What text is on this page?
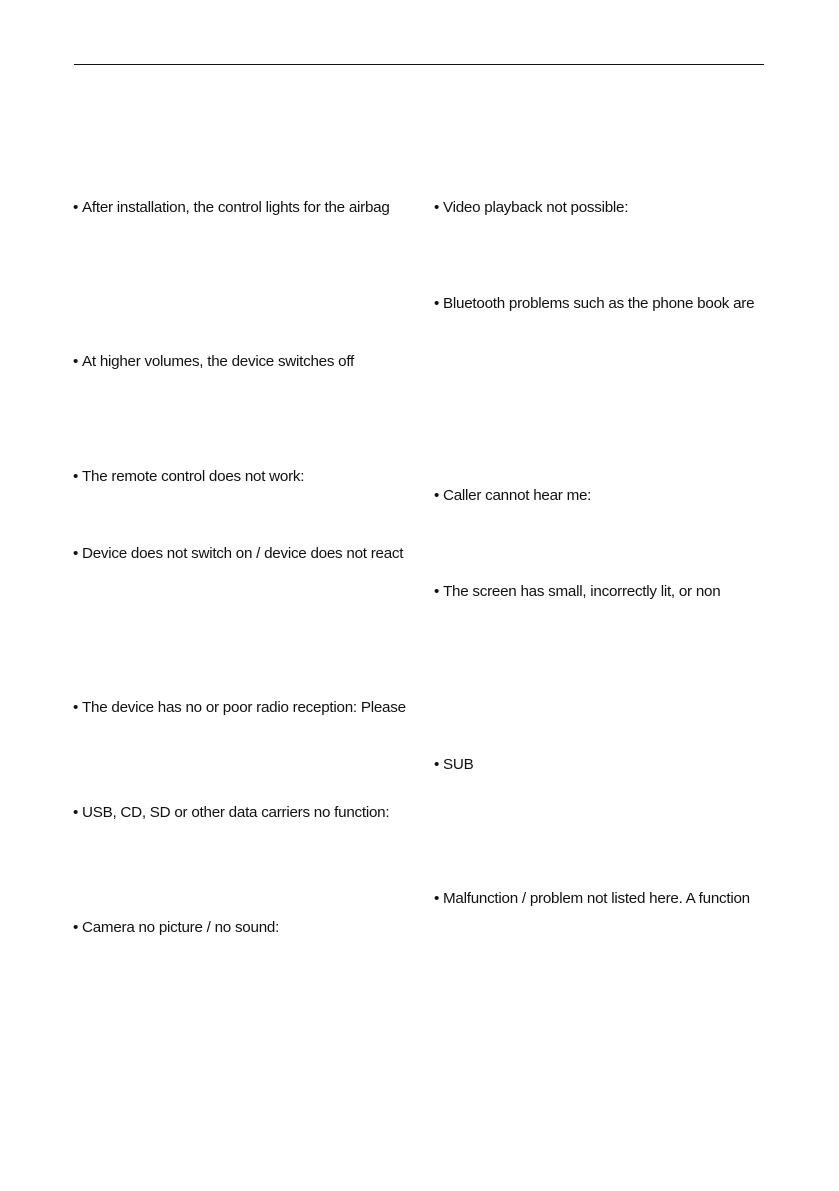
• After installation, the control lights for the airbag
• At higher volumes, the device switches off
• The remote control does not work:
• Device does not switch on / device does not react
• The device has no or poor radio reception: Please
• USB, CD, SD or other data carriers no function:
• Camera no picture / no sound:
• Video playback not possible:
• Bluetooth problems such as the phone book are
• Caller cannot hear me:
• The screen has small, incorrectly lit, or non
• SUB
• Malfunction / problem not listed here. A function
